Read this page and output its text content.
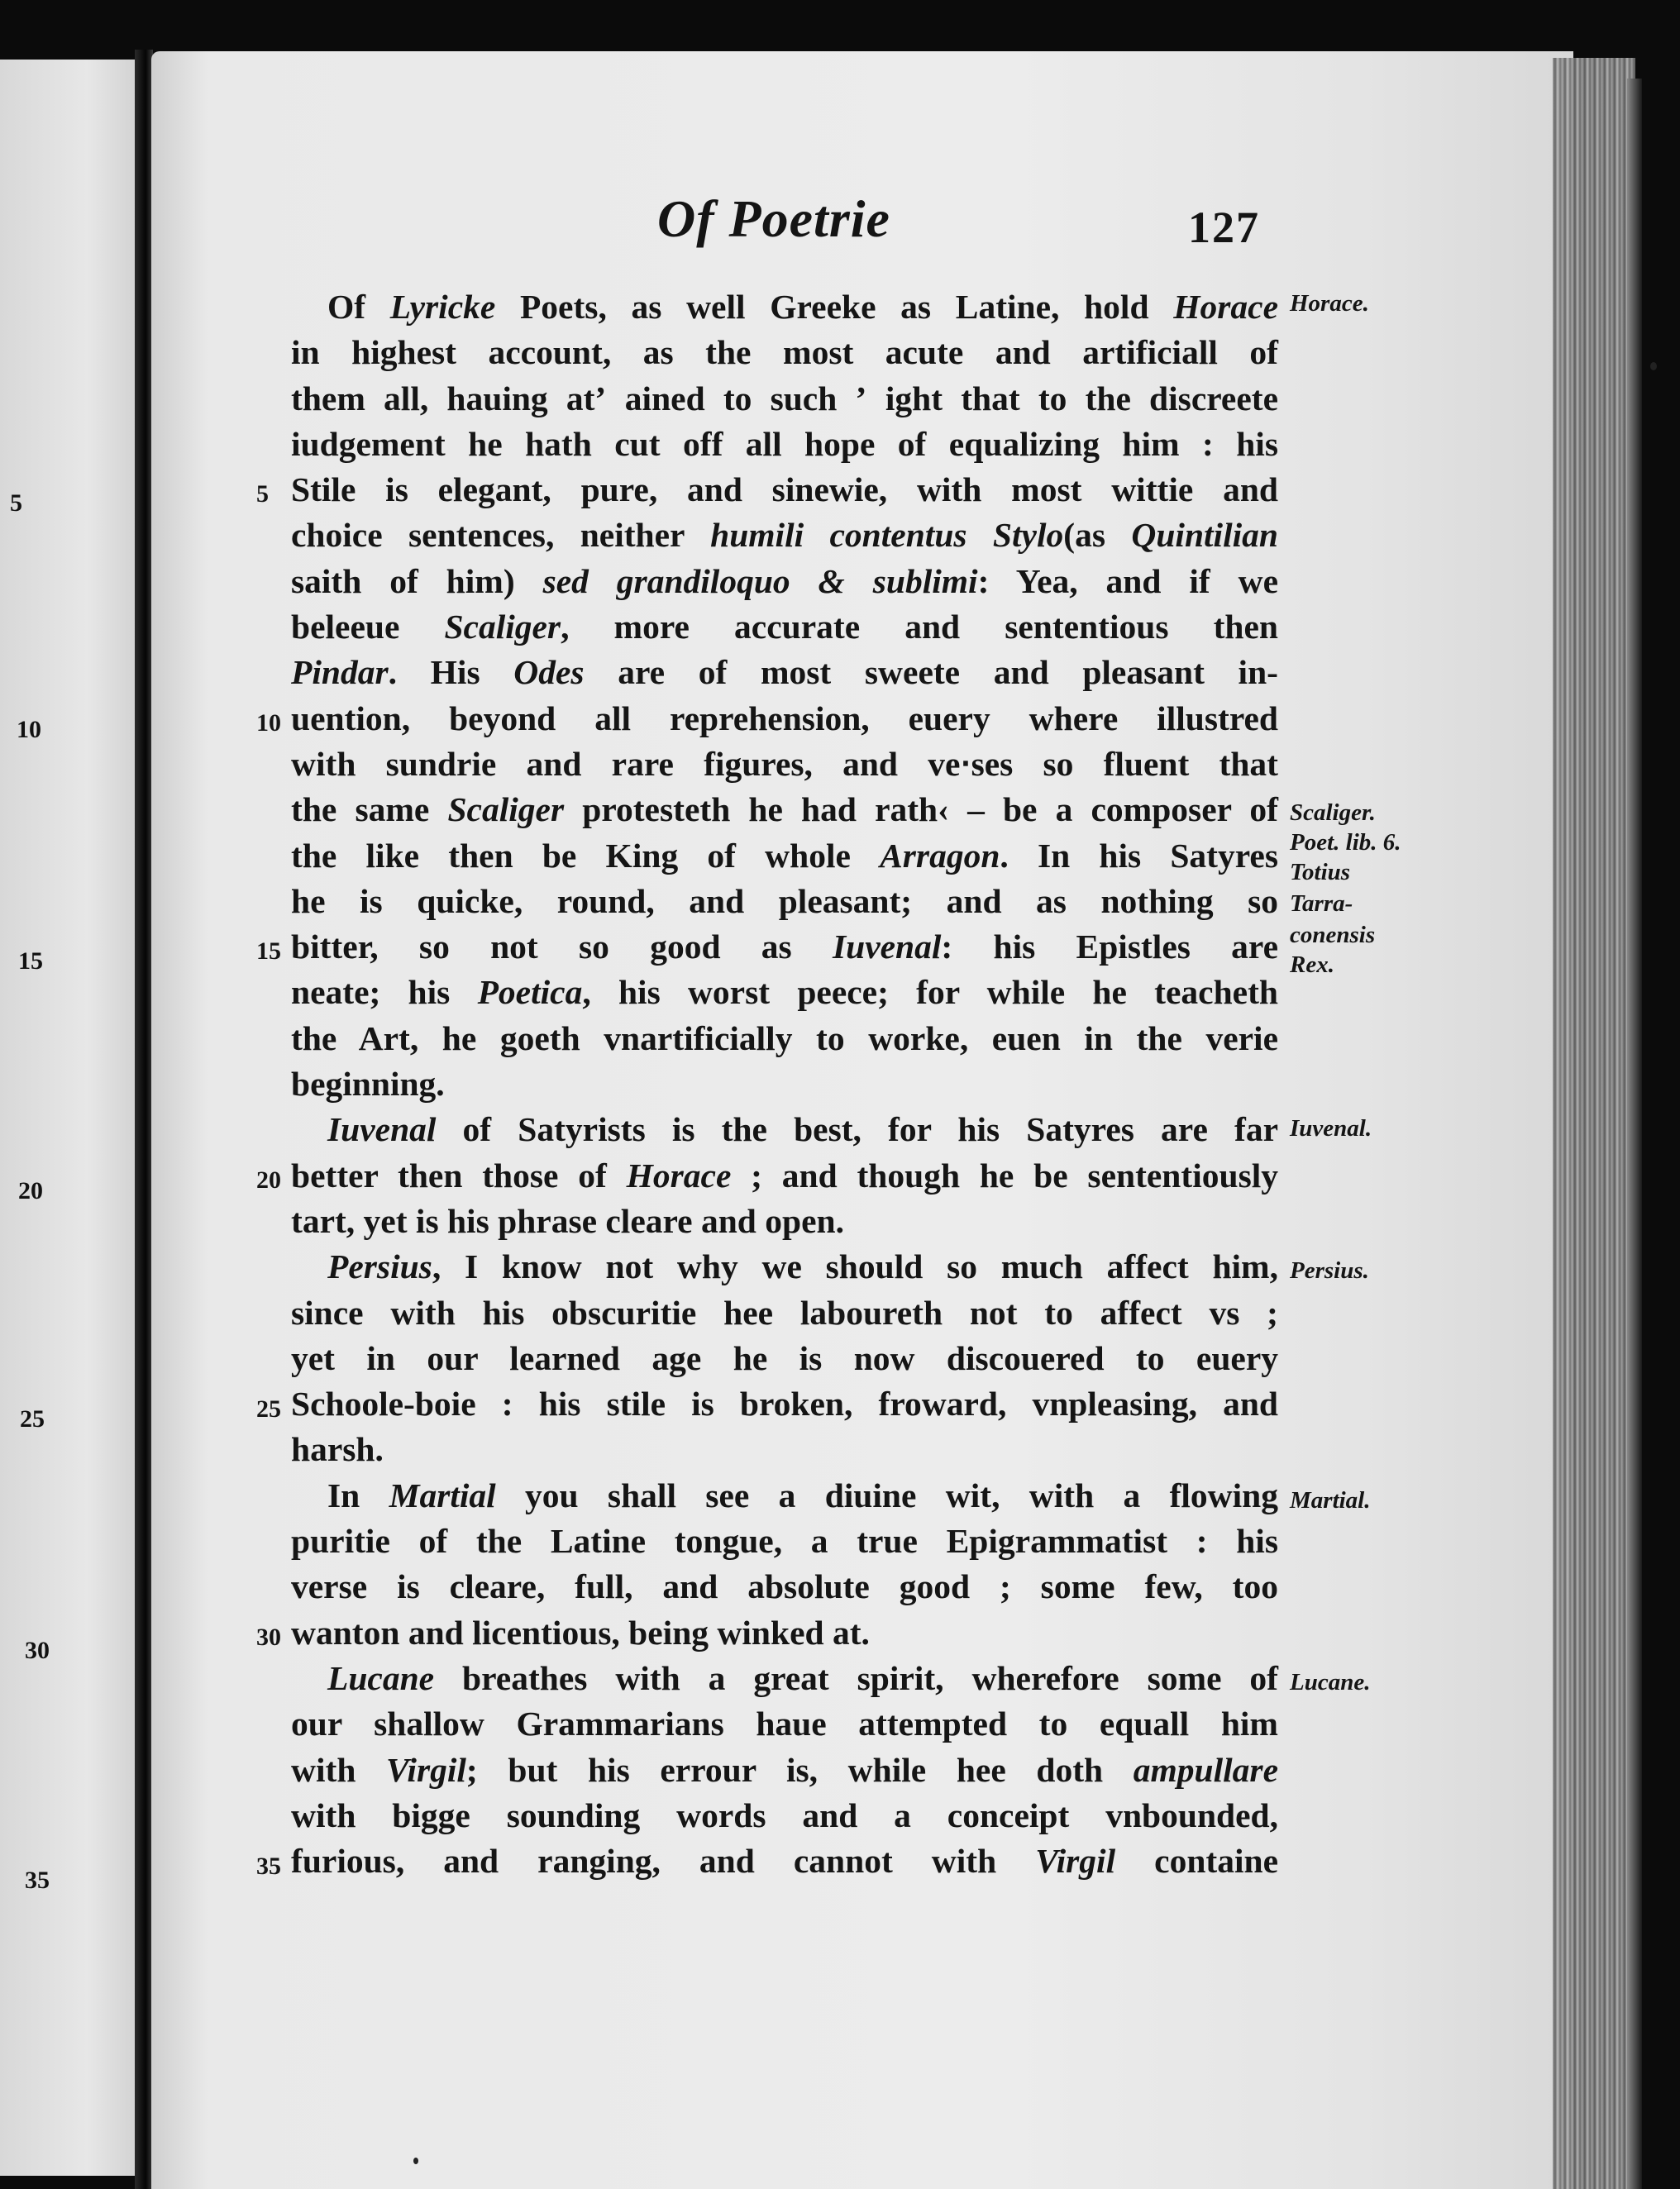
5
10
15
20
25
30
35
Of Poetrie	127
Of Lyricke Poets, as well Greeke as Latine, hold Horace
in highest account, as the most acute and artificiall of
them all, hauing at’  ained to such ’  ight that to the discreete
iudgement he hath cut off all hope of equalizing him : his
Stile is elegant, pure, and sinewie, with most wittie and
choice sentences, neither humili contentus Stylo(as Quintilian
saith of him) sed grandiloquo & sublimi: Yea, and if we
beleeue Scaliger, more accurate and sententious then
Pindar. His Odes are of most sweete and pleasant in-
uention, beyond all reprehension, euery where illustred
with sundrie and rare figures, and ve⋅ses so fluent that
the same Scaliger protesteth he had rath‹ – be a composer of
the like then be King of whole Arragon. In his Satyres
he is quicke, round, and pleasant; and as nothing so
bitter, so not so good as Iuvenal: his Epistles are
neate; his Poetica, his worst peece; for while he teacheth
the Art, he goeth vnartificially to worke, euen in the verie
beginning.
Iuvenal of Satyrists is the best, for his Satyres are far
better then those of Horace ; and though he be sententiously
tart, yet is his phrase cleare and open.
Persius, I know not why we should so much affect him,
since with his obscuritie hee laboureth not to affect vs ;
yet in our learned age he is now discouered to euery
Schoole-boie : his stile is broken, froward, vnpleasing, and
harsh.
In Martial you shall see a diuine wit, with a flowing
puritie of the Latine tongue, a true Epigrammatist : his
verse is cleare, full, and absolute good ; some few, too
wanton and licentious, being winked at.
Lucane breathes with a great spirit, wherefore some of
our shallow Grammarians haue attempted to equall him
with Virgil; but his errour is, while hee doth ampullare
with bigge sounding words and a conceipt vnbounded,
furious, and ranging, and cannot with Virgil containe
5
10
15
20
25
30
35
Horace.
Scaliger.
Poet. lib. 6.
Totius
Tarra-
conensis
Rex.
Iuvenal.
Persius.
Martial.
Lucane.
